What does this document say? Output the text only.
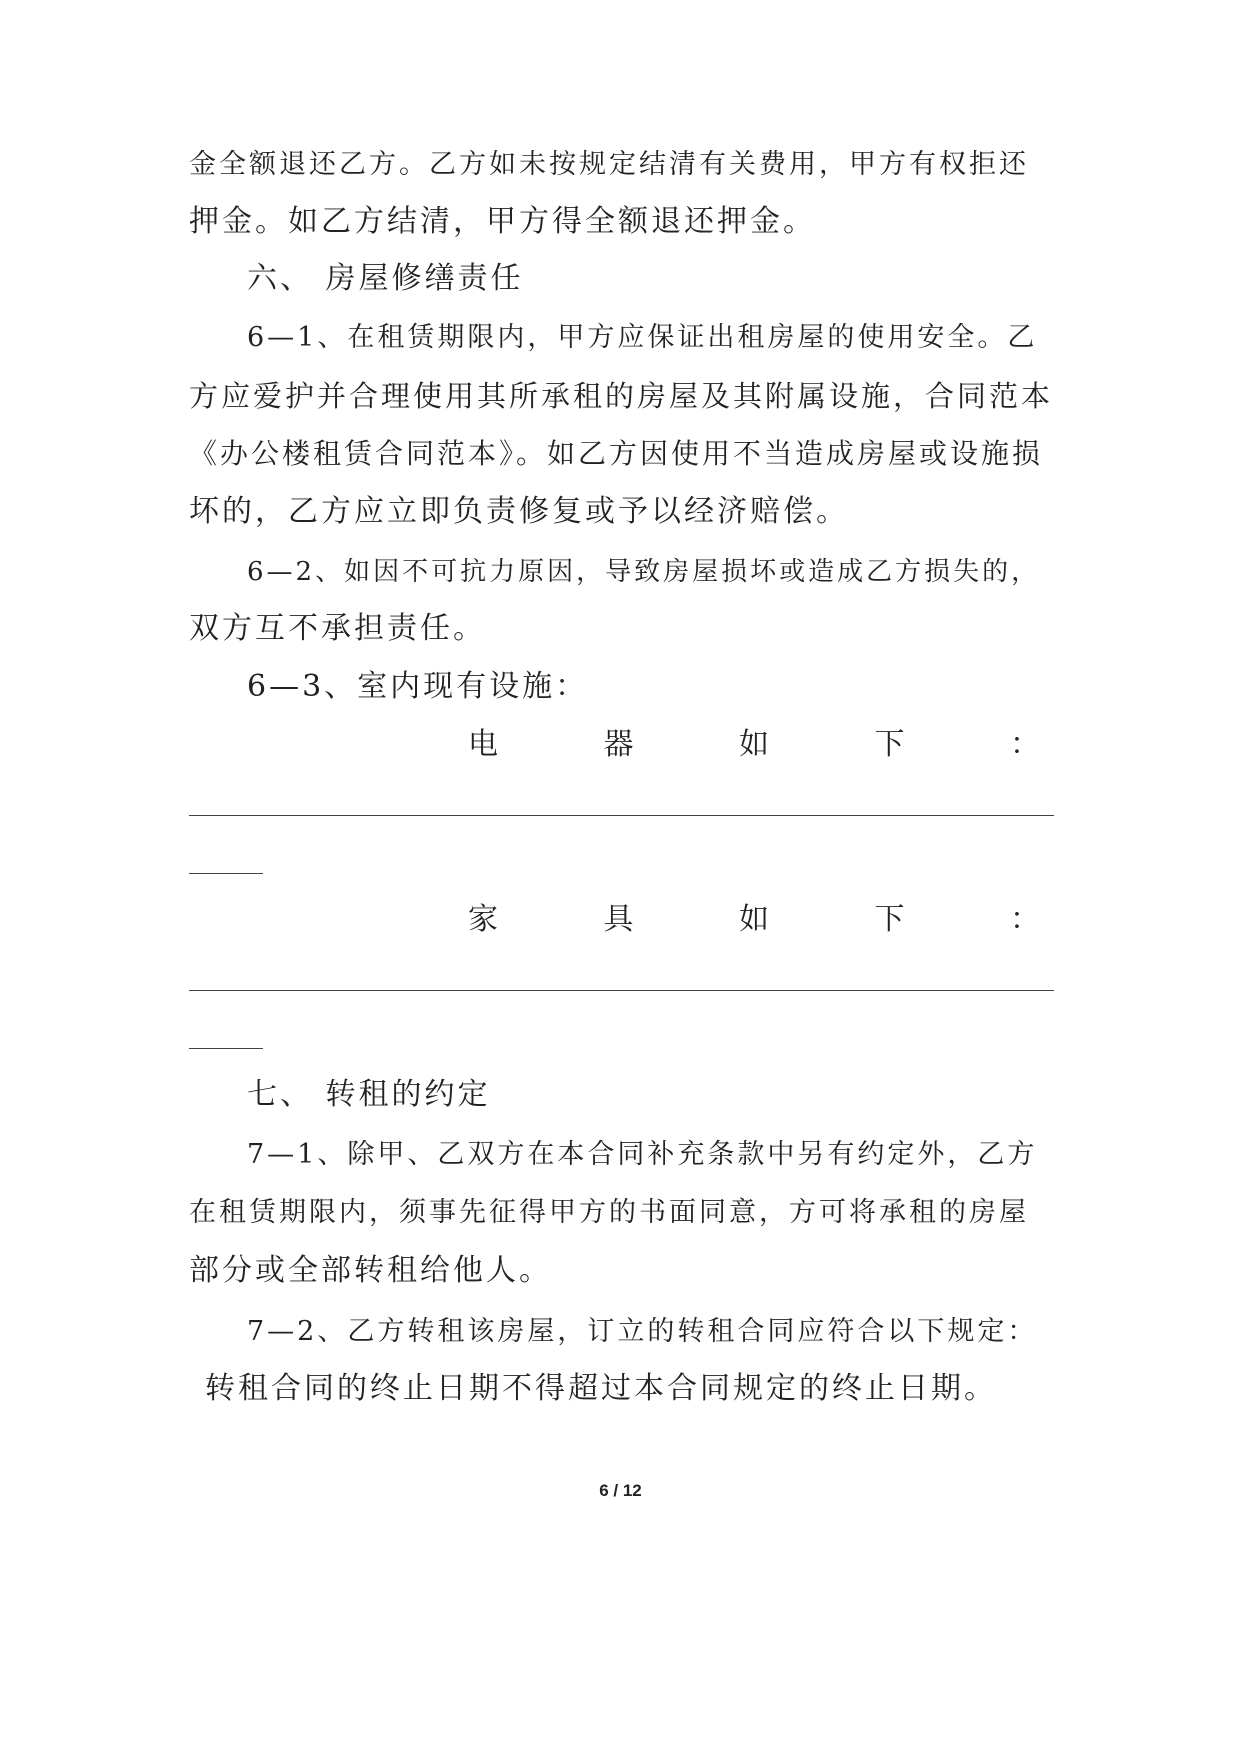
金全额退还乙方。乙方如未按规定结清有关费用，甲方有权拒还
押金。如乙方结清，甲方得全额退还押金。
六、 房屋修缮责任
6—1、在租赁期限内，甲方应保证出租房屋的使用安全。乙
方应爱护并合理使用其所承租的房屋及其附属设施，合同范本
《办公楼租赁合同范本》。如乙方因使用不当造成房屋或设施损
坏的，乙方应立即负责修复或予以经济赔偿。
6—2、如因不可抗力原因，导致房屋损坏或造成乙方损失的，
双方互不承担责任。
6—3、室内现有设施：
电	器	如	下	：
家	具	如	下	：
七、 转租的约定
7—1、除甲、乙双方在本合同补充条款中另有约定外，乙方
在租赁期限内，须事先征得甲方的书面同意，方可将承租的房屋
部分或全部转租给他人。
7—2、乙方转租该房屋，订立的转租合同应符合以下规定：
转租合同的终止日期不得超过本合同规定的终止日期。
6 / 12
